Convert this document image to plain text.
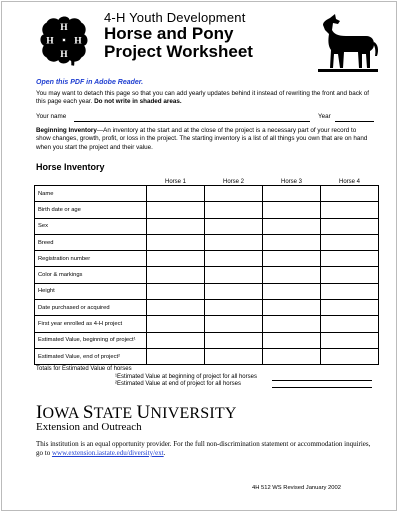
H
H
H
H
4-H Youth Development
Horse and Pony
Project Worksheet
Open this PDF in Adobe Reader.
You may want to detach this page so that you can add yearly updates behind it instead of rewriting the front and back of this page each year. Do not write in shaded areas.
Your name	Year
Beginning Inventory—An inventory at the start and at the close of the project is a necessary part of your record to show changes, growth, profit, or loss in the project. The starting inventory is a list of all things you own that are on hand when you start the project and their value.
Horse Inventory
	Horse 1	Horse 2	Horse 3	Horse 4
Name				
Birth date or age				
Sex				
Breed				
Registration number				
Color & markings				
Height				
Date purchased or acquired				
First year enrolled as 4-H project				
Estimated Value, beginning of project¹				
Estimated Value, end of project²				
Totals for Estimated Value of horses
¹Estimated Value at beginning of project for all horses
²Estimated Value at end of project for all horses
IOWA STATE UNIVERSITY
Extension and Outreach
This institution is an equal opportunity provider. For the full non-discrimination statement or accommodation inquiries, go to www.extension.iastate.edu/diversity/ext.
4H 512 WS Revised January 2002
